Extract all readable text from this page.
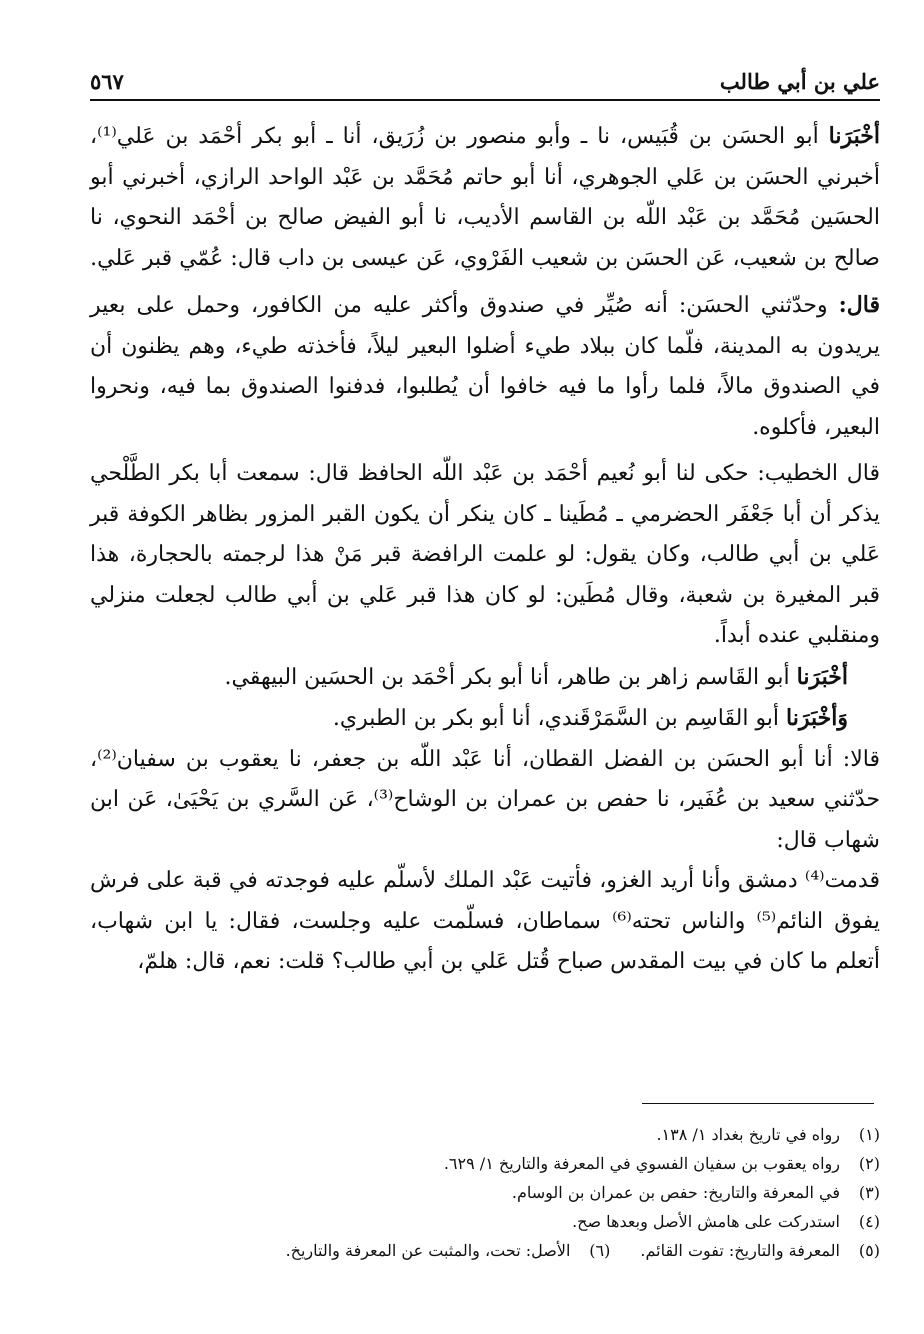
علي بن أبي طالب
٥٦٧

أخْبَرَنا أبو الحسَن بن قُبَيس، نا ـ وأبو منصور بن زُرَيق، أنا ـ أبو بكر أحْمَد بن عَلي⁽¹⁾، أخبرني الحسَن بن عَلي الجوهري، أنا أبو حاتم مُحَمَّد بن عَبْد الواحد الرازي، أخبرني أبو الحسَين مُحَمَّد بن عَبْد اللّه بن القاسم الأديب، نا أبو الفيض صالح بن أحْمَد النحوي، نا صالح بن شعيب، عَن الحسَن بن شعيب الفَرْوي، عَن عيسى بن داب قال: عُمّي قبر عَلي.

قال: وحدّثني الحسَن: أنه صُيِّر في صندوق وأكثر عليه من الكافور، وحمل على بعير يريدون به المدينة، فلّما كان ببلاد طيء أضلوا البعير ليلاً، فأخذته طيء، وهم يظنون أن في الصندوق مالاً، فلما رأوا ما فيه خافوا أن يُطلبوا، فدفنوا الصندوق بما فيه، ونحروا البعير، فأكلوه.

قال الخطيب: حكى لنا أبو نُعيم أحْمَد بن عَبْد اللّه الحافظ قال: سمعت أبا بكر الطَّلْحي يذكر أن أبا جَعْفَر الحضرمي ـ مُطَينا ـ كان ينكر أن يكون القبر المزور بظاهر الكوفة قبر عَلي بن أبي طالب، وكان يقول: لو علمت الرافضة قبر مَنْ هذا لرجمته بالحجارة، هذا قبر المغيرة بن شعبة، وقال مُطَين: لو كان هذا قبر عَلي بن أبي طالب لجعلت منزلي ومنقلبي عنده أبداً.

أخْبَرَنا أبو القَاسم زاهر بن طاهر، أنا أبو بكر أحْمَد بن الحسَين البيهقي.

وَأخْبَرَنا أبو القَاسِم بن السَّمَرْقَندي، أنا أبو بكر بن الطبري.

قالا: أنا أبو الحسَن بن الفضل القطان، أنا عَبْد اللّه بن جعفر، نا يعقوب بن سفيان⁽²⁾، حدّثني سعيد بن عُفَير، نا حفص بن عمران بن الوشاح⁽³⁾، عَن السَّري بن يَحْيَىٰ، عَن ابن شهاب قال:

قدمت⁽⁴⁾ دمشق وأنا أريد الغزو، فأتيت عَبْد الملك لأسلّم عليه فوجدته في قبة على فرش يفوق النائم⁽⁵⁾ والناس تحته⁽⁶⁾ سماطان، فسلّمت عليه وجلست، فقال: يا ابن شهاب، أتعلم ما كان في بيت المقدس صباح قُتل عَلي بن أبي طالب؟ قلت: نعم، قال: هلمّ،

(١)
رواه في تاريخ بغداد ١/ ١٣٨.
(٢)
رواه يعقوب بن سفيان الفسوي في المعرفة والتاريخ ١/ ٦٢٩.
(٣)
في المعرفة والتاريخ: حفص بن عمران بن الوسام.
(٤)
استدركت على هامش الأصل وبعدها صح.
(٥)
المعرفة والتاريخ: تفوت القائم.
(٦)
الأصل: تحت، والمثبت عن المعرفة والتاريخ.
